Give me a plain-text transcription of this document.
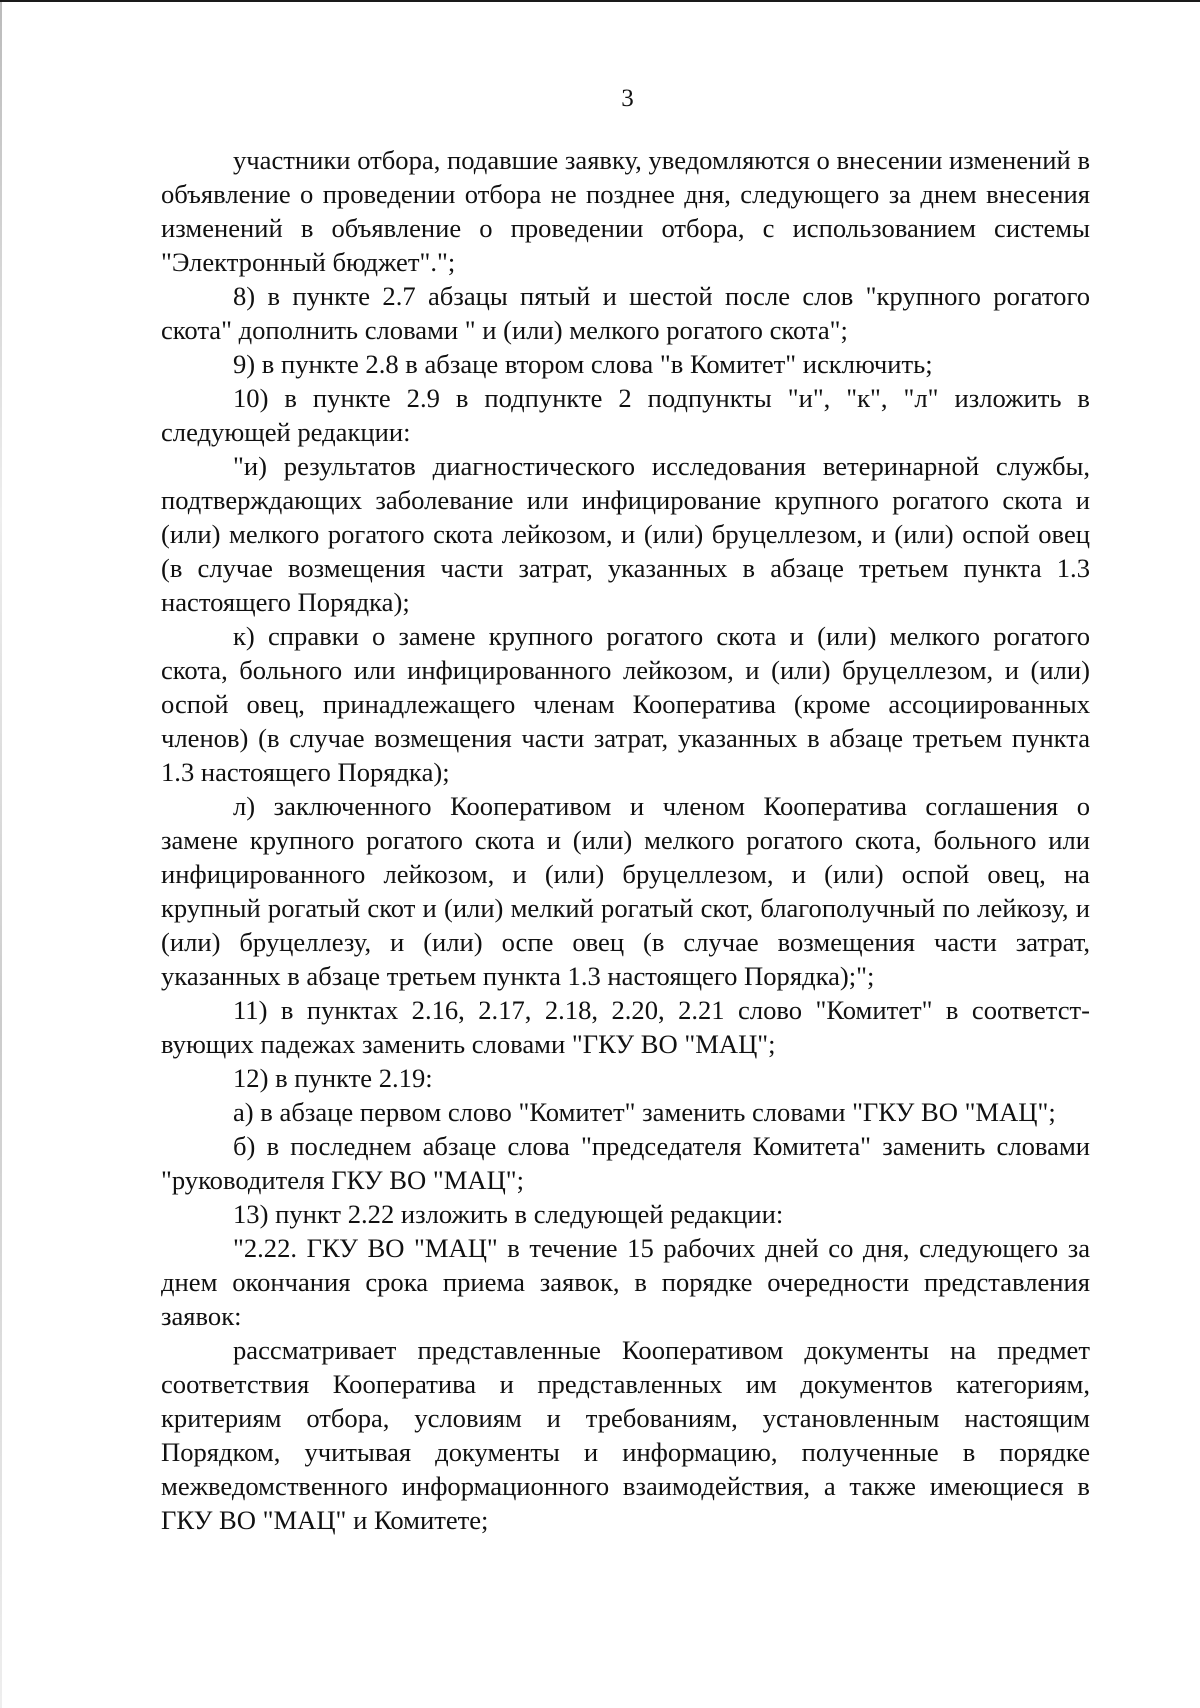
3

участники отбора, подавшие заявку, уведомляются о внесении изменений в объявление о проведении отбора не позднее дня, следующего за днем внесения изменений в объявление о проведении отбора, с использованием системы "Электронный бюджет".";

8) в пункте 2.7 абзацы пятый и шестой после слов "крупного рогатого скота" дополнить словами " и (или) мелкого рогатого скота";

9) в пункте 2.8 в абзаце втором слова "в Комитет" исключить;

10) в пункте 2.9 в подпункте 2 подпункты "и", "к", "л" изложить в следующей редакции:

"и) результатов диагностического исследования ветеринарной службы, подтверждающих заболевание или инфицирование крупного рогатого скота и (или) мелкого рогатого скота лейкозом, и (или) бруцеллезом, и (или) оспой овец (в случае возмещения части затрат, указанных в абзаце третьем пункта 1.3 настоящего Порядка);

к) справки о замене крупного рогатого скота и (или) мелкого рогатого скота, больного или инфицированного лейкозом, и (или) бруцеллезом, и (или) оспой овец, принадлежащего членам Кооператива (кроме ассоциированных членов) (в случае возмещения части затрат, указанных в абзаце третьем пункта 1.3 настоящего Порядка);

л) заключенного Кооперативом и членом Кооператива соглашения о замене крупного рогатого скота и (или) мелкого рогатого скота, больного или инфицированного лейкозом, и (или) бруцеллезом, и (или) оспой овец, на крупный рогатый скот и (или) мелкий рогатый скот, благополучный по лейкозу, и (или) бруцеллезу, и (или) оспе овец (в случае возмещения части затрат, указанных в абзаце третьем пункта 1.3 настоящего Порядка);";

11) в пунктах 2.16, 2.17, 2.18, 2.20, 2.21 слово "Комитет" в соответст-вующих падежах заменить словами "ГКУ ВО "МАЦ";

12) в пункте 2.19:

а) в абзаце первом слово "Комитет" заменить словами "ГКУ ВО "МАЦ";

б) в последнем абзаце слова "председателя Комитета" заменить словами "руководителя ГКУ ВО "МАЦ";

13) пункт 2.22 изложить в следующей редакции:

"2.22. ГКУ ВО "МАЦ" в течение 15 рабочих дней со дня, следующего за днем окончания срока приема заявок, в порядке очередности представления заявок:

рассматривает представленные Кооперативом документы на предмет соответствия Кооператива и представленных им документов категориям, критериям отбора, условиям и требованиям, установленным настоящим Порядком, учитывая документы и информацию, полученные в порядке межведомственного информационного взаимодействия, а также имеющиеся в ГКУ ВО "МАЦ" и Комитете;
